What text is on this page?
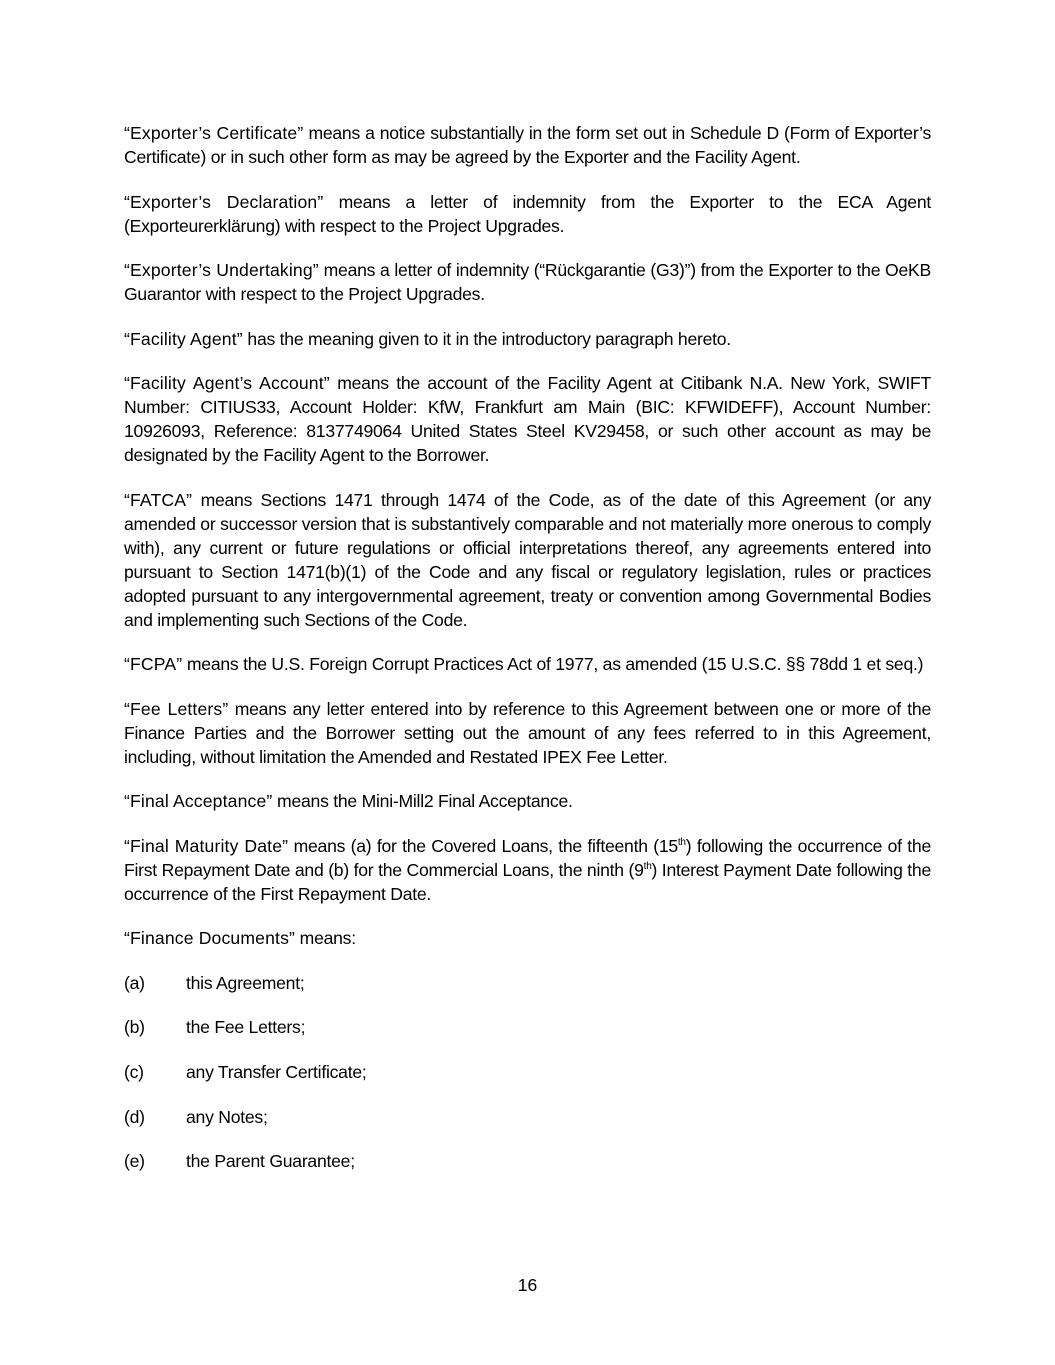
“Exporter’s Certificate” means a notice substantially in the form set out in Schedule D (Form of Exporter’s Certificate) or in such other form as may be agreed by the Exporter and the Facility Agent.

“Exporter’s Declaration” means a letter of indemnity from the Exporter to the ECA Agent (Exporteurerklärung) with respect to the Project Upgrades.

“Exporter’s Undertaking” means a letter of indemnity (“Rückgarantie (G3)”) from the Exporter to the OeKB Guarantor with respect to the Project Upgrades.

“Facility Agent” has the meaning given to it in the introductory paragraph hereto.

“Facility Agent’s Account” means the account of the Facility Agent at Citibank N.A. New York, SWIFT Number: CITIUS33, Account Holder: KfW, Frankfurt am Main (BIC: KFWIDEFF), Account Number: 10926093, Reference: 8137749064 United States Steel KV29458, or such other account as may be designated by the Facility Agent to the Borrower.

“FATCA” means Sections 1471 through 1474 of the Code, as of the date of this Agreement (or any amended or successor version that is substantively comparable and not materially more onerous to comply with), any current or future regulations or official interpretations thereof, any agreements entered into pursuant to Section 1471(b)(1) of the Code and any fiscal or regulatory legislation, rules or practices adopted pursuant to any intergovernmental agreement, treaty or convention among Governmental Bodies and implementing such Sections of the Code.

“FCPA” means the U.S. Foreign Corrupt Practices Act of 1977, as amended (15 U.S.C. §§ 78dd 1 et seq.)

“Fee Letters” means any letter entered into by reference to this Agreement between one or more of the Finance Parties and the Borrower setting out the amount of any fees referred to in this Agreement, including, without limitation the Amended and Restated IPEX Fee Letter.

“Final Acceptance” means the Mini-Mill2 Final Acceptance.

“Final Maturity Date” means (a) for the Covered Loans, the fifteenth (15th) following the occurrence of the First Repayment Date and (b) for the Commercial Loans, the ninth (9th) Interest Payment Date following the occurrence of the First Repayment Date.

“Finance Documents” means:

(a)	this Agreement;
(b)	the Fee Letters;
(c)	any Transfer Certificate;
(d)	any Notes;
(e)	the Parent Guarantee;
16
